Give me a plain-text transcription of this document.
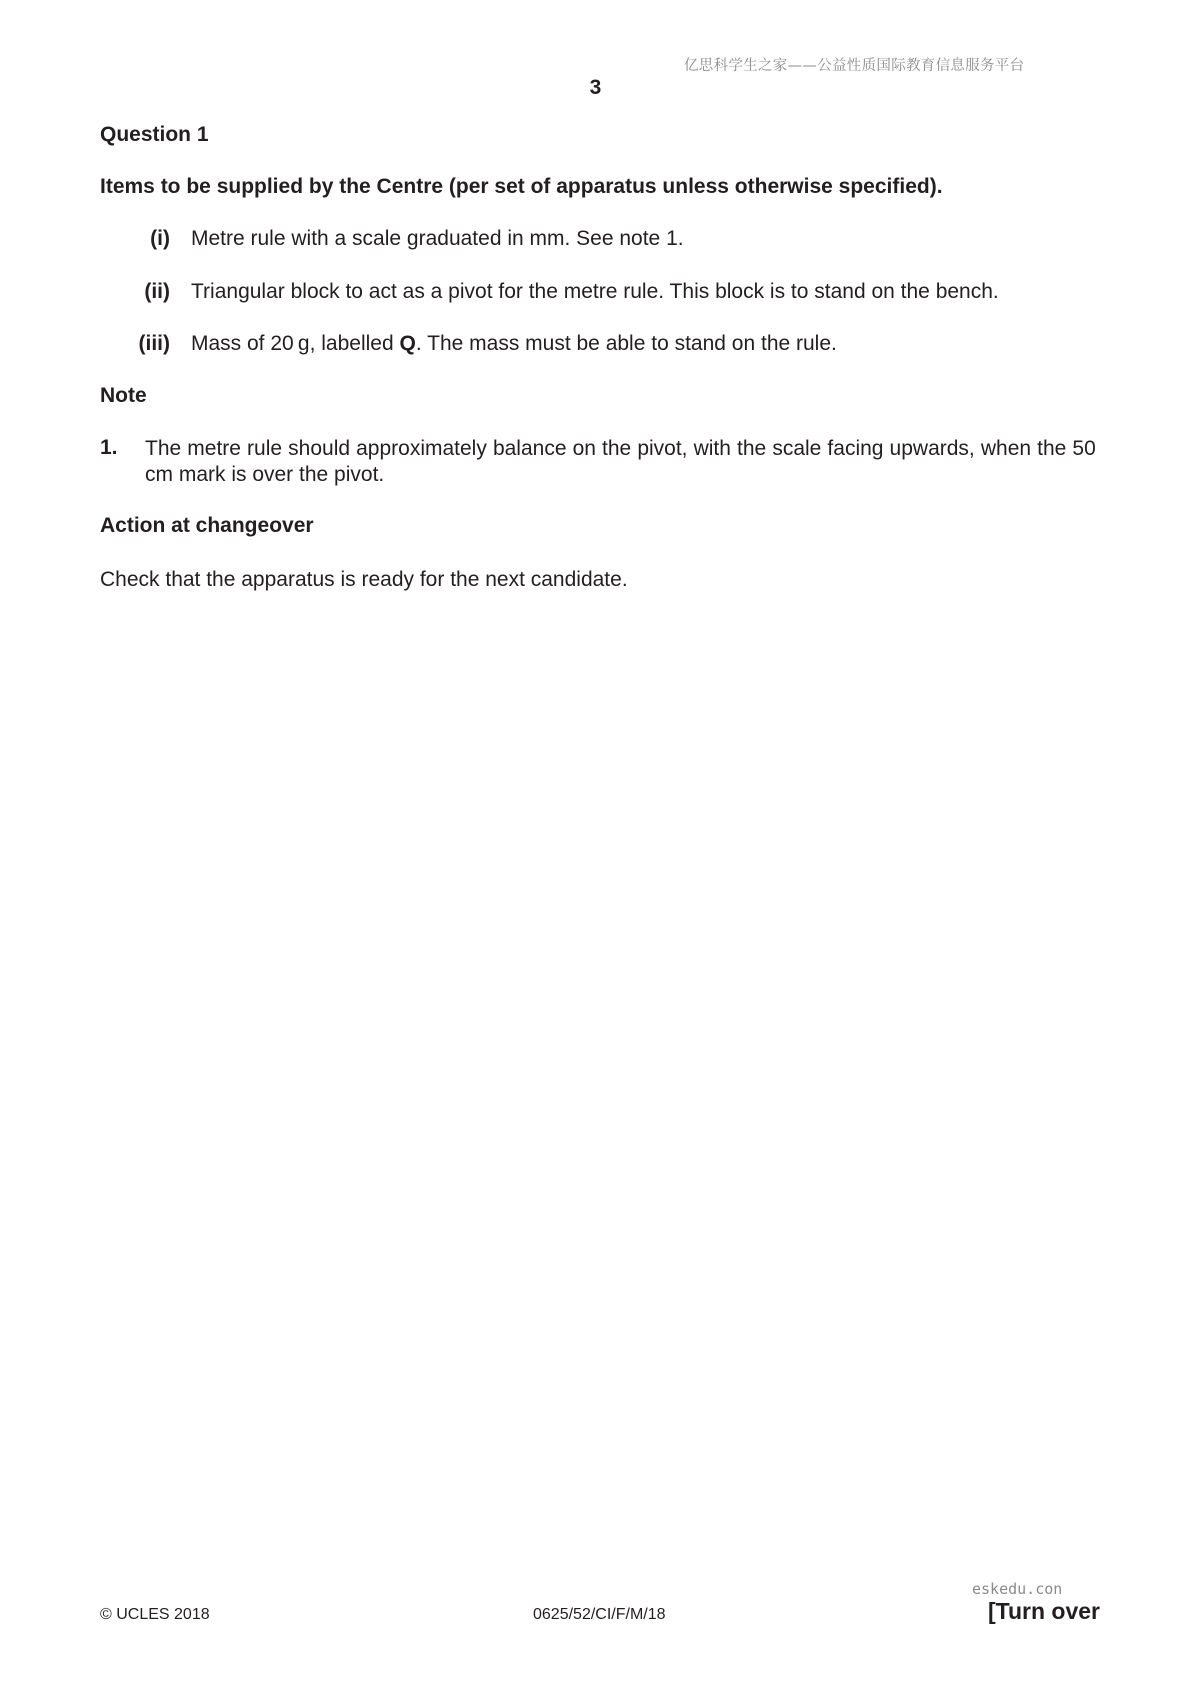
亿思科学生之家——公益性质国际教育信息服务平台
3
Question 1
Items to be supplied by the Centre (per set of apparatus unless otherwise specified).
(i) Metre rule with a scale graduated in mm. See note 1.
(ii) Triangular block to act as a pivot for the metre rule. This block is to stand on the bench.
(iii) Mass of 20 g, labelled Q. The mass must be able to stand on the rule.
Note
1. The metre rule should approximately balance on the pivot, with the scale facing upwards, when the 50 cm mark is over the pivot.
Action at changeover
Check that the apparatus is ready for the next candidate.
eskedu.con
© UCLES 2018	0625/52/CI/F/M/18	[Turn over
